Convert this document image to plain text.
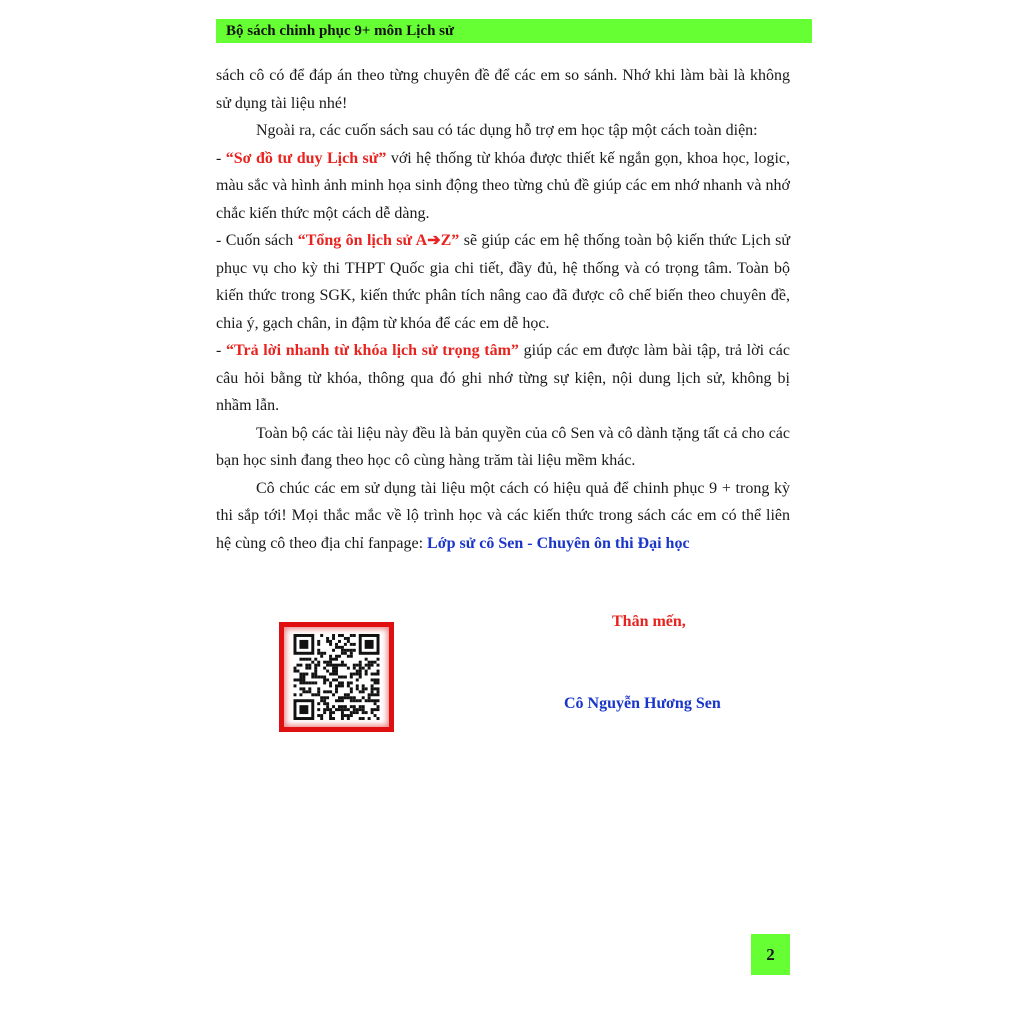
Bộ sách chinh phục 9+ môn Lịch sử

sách cô có để đáp án theo từng chuyên đề để các em so sánh. Nhớ khi làm bài là không sử dụng tài liệu nhé!

Ngoài ra, các cuốn sách sau có tác dụng hỗ trợ em học tập một cách toàn diện:

- “Sơ đồ tư duy Lịch sử” với hệ thống từ khóa được thiết kế ngắn gọn, khoa học, logic, màu sắc và hình ảnh minh họa sinh động theo từng chủ đề giúp các em nhớ nhanh và nhớ chắc kiến thức một cách dễ dàng.

- Cuốn sách “Tổng ôn lịch sử A➔Z” sẽ giúp các em hệ thống toàn bộ kiến thức Lịch sử phục vụ cho kỳ thi THPT Quốc gia chi tiết, đầy đủ, hệ thống và có trọng tâm. Toàn bộ kiến thức trong SGK, kiến thức phân tích nâng cao đã được cô chế biến theo chuyên đề, chia ý, gạch chân, in đậm từ khóa để các em dễ học.

- “Trả lời nhanh từ khóa lịch sử trọng tâm” giúp các em được làm bài tập, trả lời các câu hỏi bằng từ khóa, thông qua đó ghi nhớ từng sự kiện, nội dung lịch sử, không bị nhầm lẫn.

Toàn bộ các tài liệu này đều là bản quyền của cô Sen và cô dành tặng tất cả cho các bạn học sinh đang theo học cô cùng hàng trăm tài liệu mềm khác.

Cô chúc các em sử dụng tài liệu một cách có hiệu quả để chinh phục 9 + trong kỳ thi sắp tới! Mọi thắc mắc về lộ trình học và các kiến thức trong sách các em có thể liên hệ cùng cô theo địa chỉ fanpage: Lớp sử cô Sen - Chuyên ôn thi Đại học

Thân mến,
Cô Nguyễn Hương Sen
2
